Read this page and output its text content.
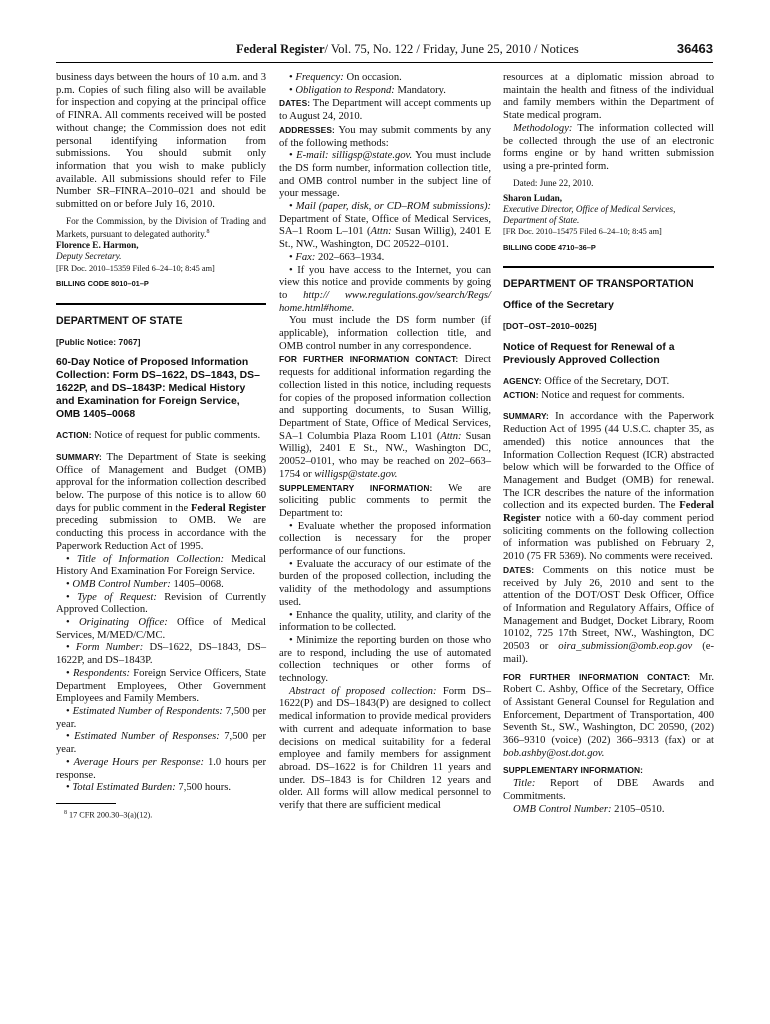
Federal Register/ Vol. 75, No. 122 / Friday, June 25, 2010 / Notices	36463

business days between the hours of 10 a.m. and 3 p.m. Copies of such filing also will be available for inspection and copying at the principal office of FINRA. All comments received will be posted without change; the Commission does not edit personal identifying information from submissions. You should submit only information that you wish to make publicly available. All submissions should refer to File Number SR–FINRA–2010–021 and should be submitted on or before July 16, 2010.

For the Commission, by the Division of Trading and Markets, pursuant to delegated authority.$^8$

Florence E. Harmon,

Deputy Secretary.

[FR Doc. 2010–15359 Filed 6–24–10; 8:45 am]

BILLING CODE 8010–01–P

DEPARTMENT OF STATE

[Public Notice: 7067]

60-Day Notice of Proposed Information Collection: Form DS–1622, DS–1843, DS–1622P, and DS–1843P: Medical History and Examination for Foreign Service, OMB 1405–0068

ACTION: Notice of request for public comments.

SUMMARY: The Department of State is seeking Office of Management and Budget (OMB) approval for the information collection described below. The purpose of this notice is to allow 60 days for public comment in the Federal Register preceding submission to OMB. We are conducting this process in accordance with the Paperwork Reduction Act of 1995.

• Title of Information Collection: Medical History And Examination For Foreign Service.

• OMB Control Number: 1405–0068.

• Type of Request: Revision of Currently Approved Collection.

• Originating Office: Office of Medical Services, M/MED/C/MC.

• Form Number: DS–1622, DS–1843, DS–1622P, and DS–1843P.

• Respondents: Foreign Service Officers, State Department Employees, Other Government Employees and Family Members.

• Estimated Number of Respondents: 7,500 per year.

• Estimated Number of Responses: 7,500 per year.

• Average Hours per Response: 1.0 hours per response.

• Total Estimated Burden: 7,500 hours.

$^8$ 17 CFR 200.30–3(a)(12).

• Frequency: On occasion.

• Obligation to Respond: Mandatory.

DATES: The Department will accept comments up to August 24, 2010.

ADDRESSES: You may submit comments by any of the following methods:

• E-mail: silligsp@state.gov. You must include the DS form number, information collection title, and OMB control number in the subject line of your message.

• Mail (paper, disk, or CD–ROM submissions): Department of State, Office of Medical Services, SA–1 Room L–101 (Attn: Susan Willig), 2401 E St., NW., Washington, DC 20522–0101.

• Fax: 202–663–1934.

• If you have access to the Internet, you can view this notice and provide comments by going to http:// www.regulations.gov/search/Regs/ home.html#home.

You must include the DS form number (if applicable), information collection title, and OMB control number in any correspondence.

FOR FURTHER INFORMATION CONTACT: Direct requests for additional information regarding the collection listed in this notice, including requests for copies of the proposed information collection and supporting documents, to Susan Willig, Department of State, Office of Medical Services, SA–1 Columbia Plaza Room L101 (Attn: Susan Willig), 2401 E St., NW., Washington DC, 20052–0101, who may be reached on 202–663–1754 or willigsp@state.gov.

SUPPLEMENTARY INFORMATION: We are soliciting public comments to permit the Department to:

• Evaluate whether the proposed information collection is necessary for the proper performance of our functions.

• Evaluate the accuracy of our estimate of the burden of the proposed collection, including the validity of the methodology and assumptions used.

• Enhance the quality, utility, and clarity of the information to be collected.

• Minimize the reporting burden on those who are to respond, including the use of automated collection techniques or other forms of technology.

Abstract of proposed collection: Form DS–1622(P) and DS–1843(P) are designed to collect medical information to provide medical providers with current and adequate information to base decisions on medical suitability for a federal employee and family members for assignment abroad. DS–1622 is for Children 11 years and under. DS–1843 is for Children 12 years and older. All forms will allow medical personnel to verify that there are sufficient medical

resources at a diplomatic mission abroad to maintain the health and fitness of the individual and family members within the Department of State medical program.

Methodology: The information collected will be collected through the use of an electronic forms engine or by hand written submission using a pre-printed form.

Dated: June 22, 2010.

Sharon Ludan,

Executive Director, Office of Medical Services, Department of State.

[FR Doc. 2010–15475 Filed 6–24–10; 8:45 am]

BILLING CODE 4710–36–P

DEPARTMENT OF TRANSPORTATION

Office of the Secretary

[DOT–OST–2010–0025]

Notice of Request for Renewal of a Previously Approved Collection

AGENCY: Office of the Secretary, DOT.

ACTION: Notice and request for comments.

SUMMARY: In accordance with the Paperwork Reduction Act of 1995 (44 U.S.C. chapter 35, as amended) this notice announces that the Information Collection Request (ICR) abstracted below which will be forwarded to the Office of Management and Budget (OMB) for renewal. The ICR describes the nature of the information collection and its expected burden. The Federal Register notice with a 60-day comment period soliciting comments on the following collection of information was published on February 2, 2010 (75 FR 5369). No comments were received.

DATES: Comments on this notice must be received by July 26, 2010 and sent to the attention of the DOT/OST Desk Officer, Office of Information and Regulatory Affairs, Office of Management and Budget, Docket Library, Room 10102, 725 17th Street, NW., Washington, DC 20503 or oira_submission@omb.eop.gov (e-mail).

FOR FURTHER INFORMATION CONTACT: Mr. Robert C. Ashby, Office of the Secretary, Office of Assistant General Counsel for Regulation and Enforcement, Department of Transportation, 400 Seventh St., SW., Washington, DC 20590, (202) 366–9310 (voice) (202) 366–9313 (fax) or at bob.ashby@ost.dot.gov.

SUPPLEMENTARY INFORMATION:

Title: Report of DBE Awards and Commitments.

OMB Control Number: 2105–0510.
